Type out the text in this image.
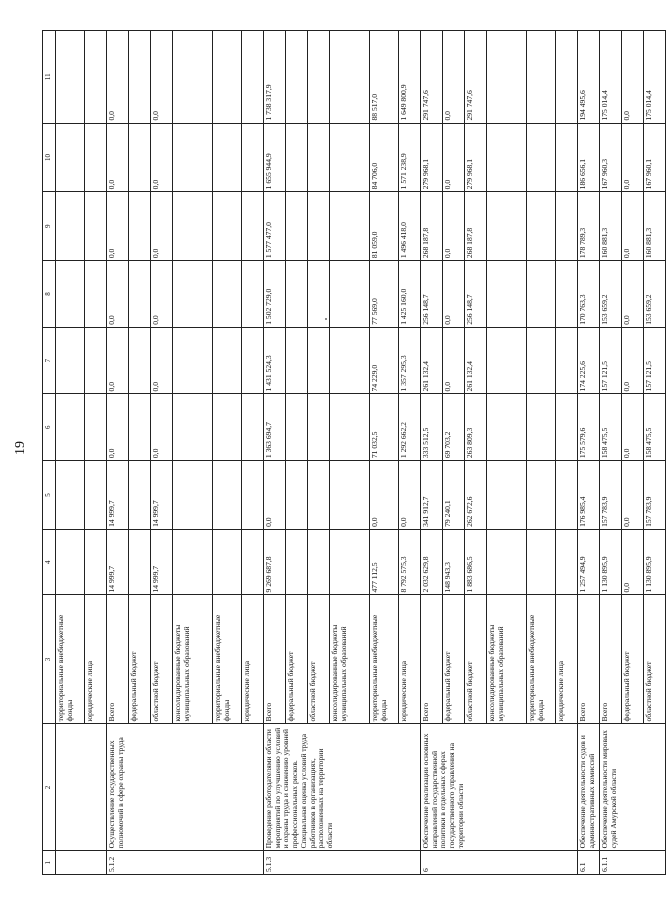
19
1	2	3	4	5	6	7	8	9	10	11
		территориальные внебюджетные фонды								
		юридические лица								
5.1.2	Осуществление государственных полномочий в сфере охраны труда	Всего	14 999,7	14 999,7	0,0	0,0	0,0	0,0	0,0	0,0
		федеральный бюджет								
		областной бюджет	14 999,7	14 999,7	0,0	0,0	0,0	0,0	0,0	0,0
		консолидированные бюджеты муниципальных образований								
		территориальные внебюджетные фонды								
		юридические лица								
5.1.3	Проведение работодателями области мероприятий по улучшению условий и охраны труда и снижению уровней профессиональных рисков. Специальная оценка условий труда работников в организациях, расположенных на территории области	Всего	9 269 687,8	0,0	1 363 694,7	1 431 524,3	1 502 729,0	1 577 477,0	1 655 944,9	1 738 317,9
		федеральный бюджет								
		областной бюджет								
		консолидированные бюджеты муниципальных образований								
		территориальные внебюджетные фонды	477 112,5	0,0	71 032,5	74 229,0	77 569,0	81 059,0	84 706,0	88 517,0
		юридические лица	8 792 575,3	0,0	1 292 662,2	1 357 295,3	1 425 160,0	1 496 418,0	1 571 238,9	1 649 800,9
6	Обеспечение реализации основных направлений государственной политики в отдельных сферах государственного управления на территории области	Всего	2 032 629,8	341 912,7	333 512,5	261 132,4	256 148,7	268 187,8	279 968,1	291 747,6
		федеральный бюджет	148 943,3	79 240,1	69 703,2	0,0	0,0	0,0	0,0	0,0
		областной бюджет	1 883 686,5	262 672,6	263 809,3	261 132,4	256 148,7	268 187,8	279 968,1	291 747,6
		консолидированные бюджеты муниципальных образований								
		территориальные внебюджетные фонды								
		юридические лица								
6.1	Обеспечение деятельности судов и административных комиссий	Всего	1 257 494,9	176 985,4	175 579,6	174 225,6	170 763,3	178 789,3	186 656,1	194 495,6
6.1.1	Обеспечение деятельности мировых судей Амурской области	Всего	1 130 895,9	157 783,9	158 475,5	157 121,5	153 659,2	160 881,3	167 960,3	175 014,4
		федеральный бюджет	0,0	0,0	0,0	0,0	0,0	0,0	0,0	0,0
		областной бюджет	1 130 895,9	157 783,9	158 475,5	157 121,5	153 659,2	160 881,3	167 960,1	175 014,4
